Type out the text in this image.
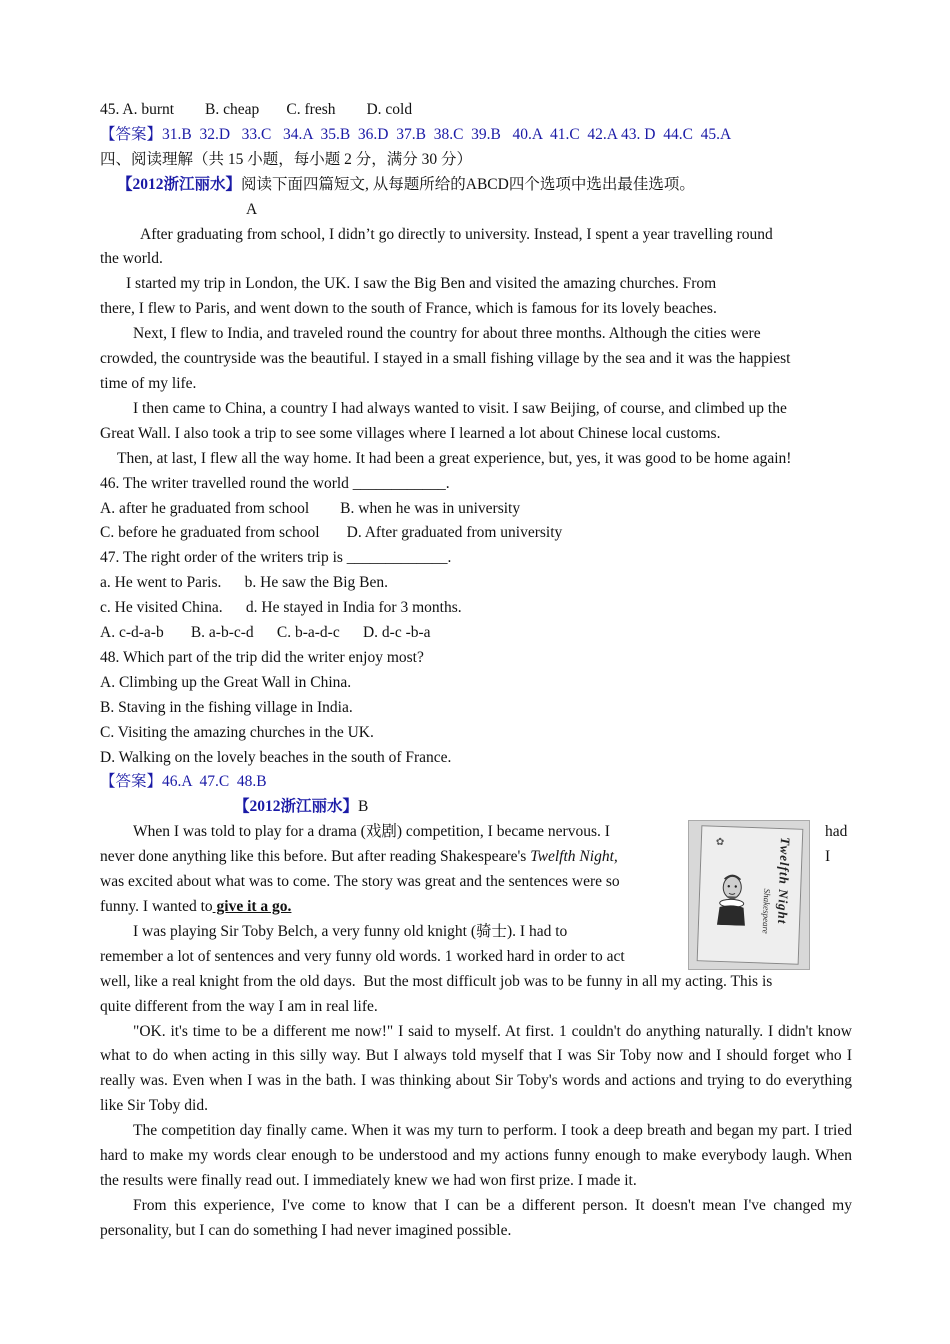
45. A. burnt        B. cheap       C. fresh        D. cold
【答案】31.B  32.D   33.C   34.A  35.B  36.D  37.B  38.C  39.B   40.A  41.C  42.A 43. D  44.C  45.A
四、阅读理解（共 15 小题，每小题 2 分，满分 30 分）
【2012浙江丽水】阅读下面四篇短文, 从每题所给的ABCD四个选项中选出最佳选项。
A
After graduating from school, I didn’t go directly to university. Instead, I spent a year travelling round
the world.
I started my trip in London, the UK. I saw the Big Ben and visited the amazing churches. From
there, I flew to Paris, and went down to the south of France, which is famous for its lovely beaches.
Next, I flew to India, and traveled round the country for about three months. Although the cities were
crowded, the countryside was the beautiful. I stayed in a small fishing village by the sea and it was the happiest
time of my life.
I then came to China, a country I had always wanted to visit. I saw Beijing, of course, and climbed up the
Great Wall. I also took a trip to see some villages where I learned a lot about Chinese local customs.
Then, at last, I flew all the way home. It had been a great experience, but, yes, it was good to be home again!
46. The writer travelled round the world ____________.
A. after he graduated from school        B. when he was in university
C. before he graduated from school       D. After graduated from university
47. The right order of the writers trip is _____________.
a. He went to Paris.      b. He saw the Big Ben.
c. He visited China.      d. He stayed in India for 3 months.
A. c-d-a-b       B. a-b-c-d      C. b-a-d-c      D. d-c -b-a
48. Which part of the trip did the writer enjoy most?
A. Climbing up the Great Wall in China.
B. Staving in the fishing village in India.
C. Visiting the amazing churches in the UK.
D. Walking on the lovely beaches in the south of France.
【答案】46.A  47.C  48.B
【2012浙江丽水】B
✿	Twelfth Night
Shakespeare
When I was told to play for a drama (戏剧) competition, I became nervous. I	had
never done anything like this before. But after reading Shakespeare's Twelfth Night,	I
was excited about what was to come. The story was great and the sentences were so
funny. I wanted to give it a go.
I was playing Sir Toby Belch, a very funny old knight (骑士). I had to
remember a lot of sentences and very funny old words. 1 worked hard in order to act
well, like a real knight from the old days.  But the most difficult job was to be funny in all my acting. This is
quite different from the way I am in real life.

"OK. it's time to be a different me now!" I said to myself. At first. 1 couldn't do anything naturally. I didn't know what to do when acting in this silly way. But I always told myself that I was Sir Toby now and I should forget who I really was. Even when I was in the bath. I was thinking about Sir Toby's words and actions and trying to do everything like Sir Toby did.

The competition day finally came. When it was my turn to perform. I took a deep breath and began my part. I tried hard to make my words clear enough to be understood and my actions funny enough to make everybody laugh. When the results were finally read out. I immediately knew we had won first prize. I made it.

From this experience, I've come to know that I can be a different person. It doesn't mean I've changed my personality, but I can do something I had never imagined possible.
